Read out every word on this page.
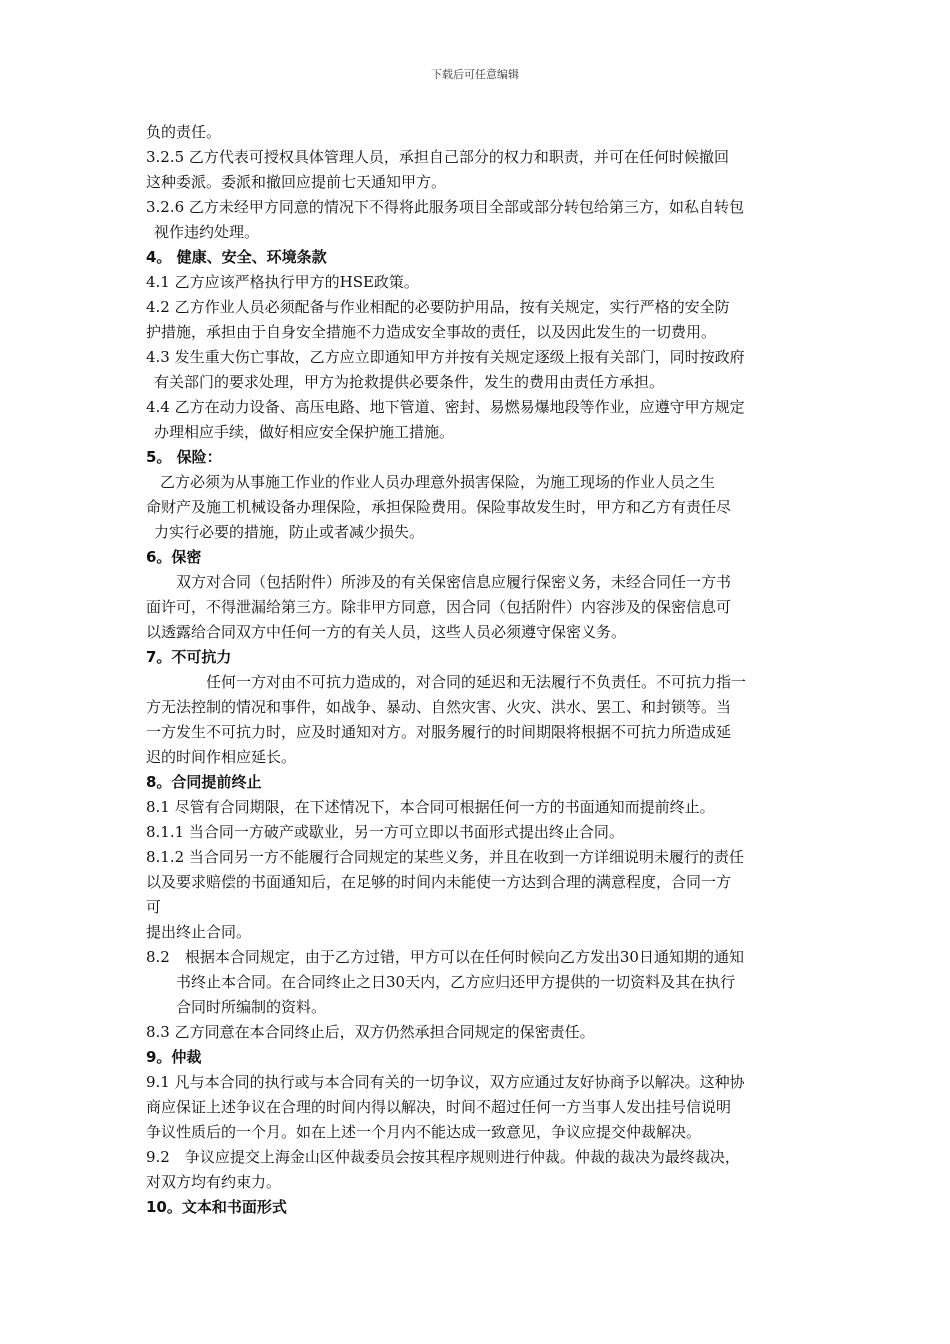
下载后可任意编辑
负的责任。
3.2.5 乙方代表可授权具体管理人员，承担自己部分的权力和职责，并可在任何时候撤回
这种委派。委派和撤回应提前七天通知甲方。
3.2.6 乙方未经甲方同意的情况下不得将此服务项目全部或部分转包给第三方，如私自转包
视作违约处理。
4。 健康、安全、环境条款
4.1 乙方应该严格执行甲方的HSE政策。
4.2 乙方作业人员必须配备与作业相配的必要防护用品，按有关规定，实行严格的安全防
护措施，承担由于自身安全措施不力造成安全事故的责任，以及因此发生的一切费用。
4.3 发生重大伤亡事故，乙方应立即通知甲方并按有关规定逐级上报有关部门，同时按政府
有关部门的要求处理，甲方为抢救提供必要条件，发生的费用由责任方承担。
4.4 乙方在动力设备、高压电路、地下管道、密封、易燃易爆地段等作业，应遵守甲方规定
办理相应手续，做好相应安全保护施工措施。
5。 保险：
乙方必须为从事施工作业的作业人员办理意外损害保险，为施工现场的作业人员之生
命财产及施工机械设备办理保险，承担保险费用。保险事故发生时，甲方和乙方有责任尽
力实行必要的措施，防止或者减少损失。
6。保密
双方对合同（包括附件）所涉及的有关保密信息应履行保密义务，未经合同任一方书
面许可，不得泄漏给第三方。除非甲方同意，因合同（包括附件）内容涉及的保密信息可
以透露给合同双方中任何一方的有关人员，这些人员必须遵守保密义务。
7。不可抗力
任何一方对由不可抗力造成的，对合同的延迟和无法履行不负责任。不可抗力指一
方无法控制的情况和事件，如战争、暴动、自然灾害、火灾、洪水、罢工、和封锁等。当
一方发生不可抗力时，应及时通知对方。对服务履行的时间期限将根据不可抗力所造成延
迟的时间作相应延长。
8。合同提前终止
8.1 尽管有合同期限，在下述情况下，本合同可根据任何一方的书面通知而提前终止。
8.1.1 当合同一方破产或歇业，另一方可立即以书面形式提出终止合同。
8.1.2 当合同另一方不能履行合同规定的某些义务，并且在收到一方详细说明未履行的责任
以及要求赔偿的书面通知后，在足够的时间内未能使一方达到合理的满意程度，合同一方
可
提出终止合同。
8.2　根据本合同规定，由于乙方过错，甲方可以在任何时候向乙方发出30日通知期的通知
书终止本合同。在合同终止之日30天内，乙方应归还甲方提供的一切资料及其在执行
合同时所编制的资料。
8.3 乙方同意在本合同终止后，双方仍然承担合同规定的保密责任。
9。仲裁
9.1 凡与本合同的执行或与本合同有关的一切争议，双方应通过友好协商予以解决。这种协
商应保证上述争议在合理的时间内得以解决，时间不超过任何一方当事人发出挂号信说明
争议性质后的一个月。如在上述一个月内不能达成一致意见，争议应提交仲裁解决。
9.2　争议应提交上海金山区仲裁委员会按其程序规则进行仲裁。仲裁的裁决为最终裁决，
对双方均有约束力。
10。文本和书面形式
